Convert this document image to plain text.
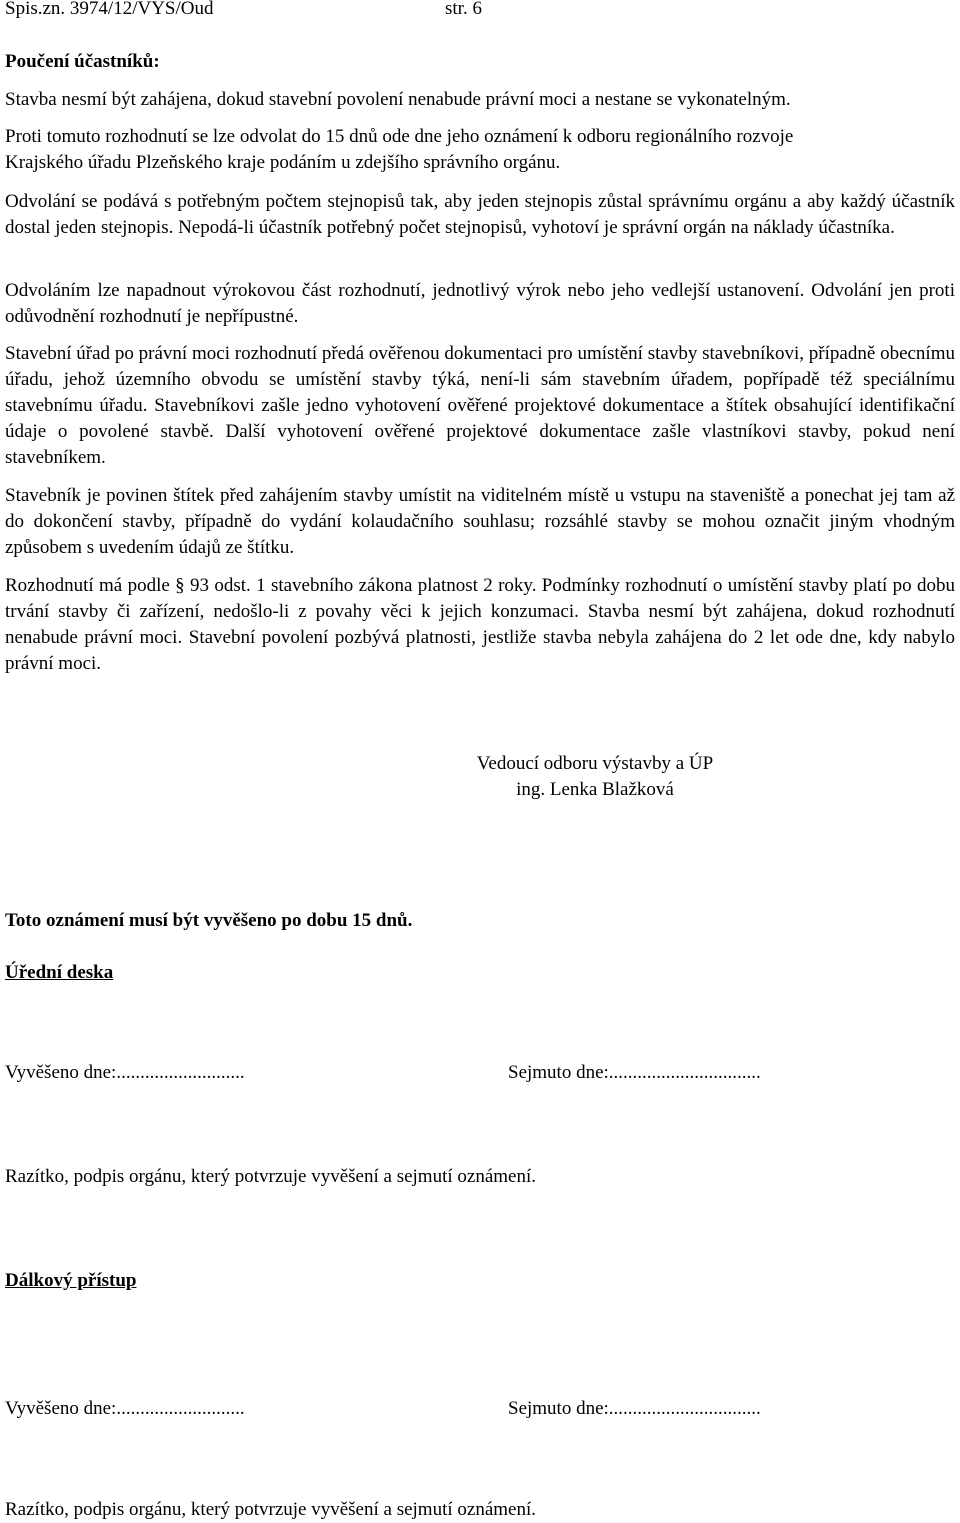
Spis.zn. 3974/12/VYS/Oud	str. 6
Poučení účastníků:
Stavba nesmí být zahájena, dokud stavební povolení nenabude právní moci a nestane se vykonatelným.
Proti tomuto rozhodnutí se lze odvolat do 15 dnů ode dne jeho oznámení k odboru regionálního rozvoje
Krajského úřadu Plzeňského kraje podáním u zdejšího správního orgánu.

Odvolání se podává s potřebným počtem stejnopisů tak, aby jeden stejnopis zůstal správnímu orgánu a aby každý účastník dostal jeden stejnopis. Nepodá-li účastník potřebný počet stejnopisů, vyhotoví je správní orgán na náklady účastníka.

Odvoláním lze napadnout výrokovou část rozhodnutí, jednotlivý výrok nebo jeho vedlejší ustanovení. Odvolání jen proti odůvodnění rozhodnutí je nepřípustné.

Stavební úřad po právní moci rozhodnutí předá ověřenou dokumentaci pro umístění stavby stavebníkovi, případně obecnímu úřadu, jehož územního obvodu se umístění stavby týká, není-li sám stavebním úřadem, popřípadě též speciálnímu stavebnímu úřadu. Stavebníkovi zašle jedno vyhotovení ověřené projektové dokumentace a štítek obsahující identifikační údaje o povolené stavbě. Další vyhotovení ověřené projektové dokumentace zašle vlastníkovi stavby, pokud není stavebníkem.

Stavebník je povinen štítek před zahájením stavby umístit na viditelném místě u vstupu na staveniště a ponechat jej tam až do dokončení stavby, případně do vydání kolaudačního souhlasu; rozsáhlé stavby se mohou označit jiným vhodným způsobem s uvedením údajů ze štítku.

Rozhodnutí má podle § 93 odst. 1 stavebního zákona platnost 2 roky. Podmínky rozhodnutí o umístění stavby platí po dobu trvání stavby či zařízení, nedošlo-li z povahy věci k jejich konzumaci. Stavba nesmí být zahájena, dokud rozhodnutí nenabude právní moci. Stavební povolení pozbývá platnosti, jestliže stavba nebyla zahájena do 2 let ode dne, kdy nabylo právní moci.

Vedoucí odboru výstavby a ÚP
ing. Lenka Blažková
Toto oznámení musí být vyvěšeno po dobu 15 dnů.
Úřední deska
Vyvěšeno dne:...........................	Sejmuto dne:................................
Razítko, podpis orgánu, který potvrzuje vyvěšení a sejmutí oznámení.
Dálkový přístup
Vyvěšeno dne:...........................	Sejmuto dne:................................
Razítko, podpis orgánu, který potvrzuje vyvěšení a sejmutí oznámení.
